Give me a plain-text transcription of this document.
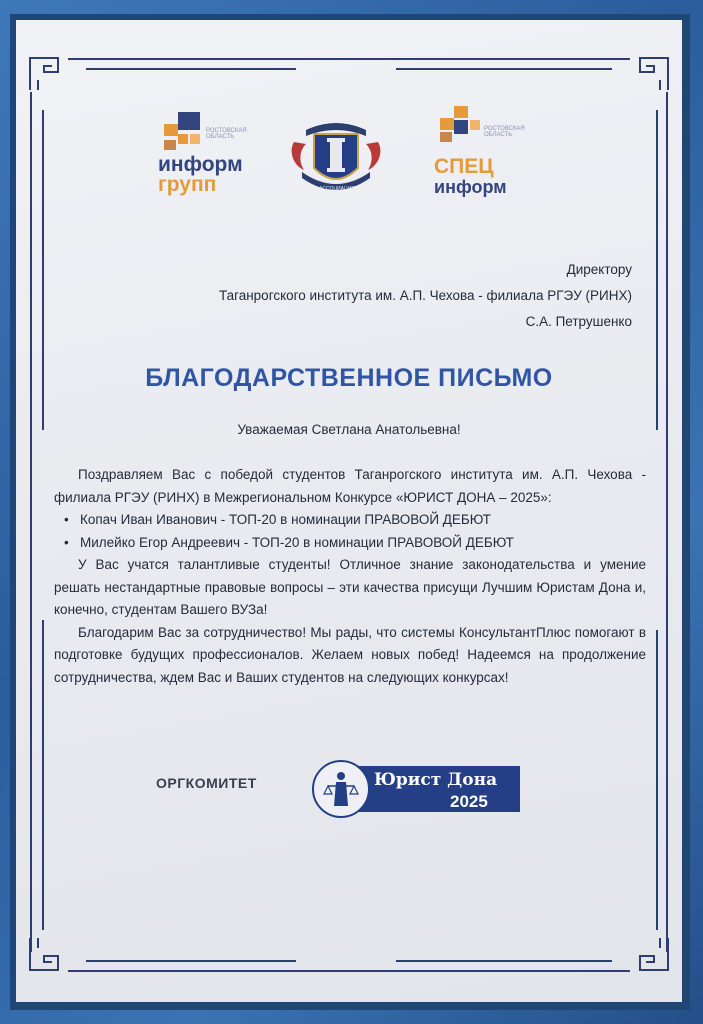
РОСТОВСКАЯ ОБЛАСТЬ
информ
групп	АССОЦИАЦИЯ
РОСТОВСКАЯ ОБЛАСТЬ
СПЕЦ
информ
Директору
Таганрогского института им. А.П. Чехова - филиала РГЭУ (РИНХ)
С.А. Петрушенко
БЛАГОДАРСТВЕННОЕ ПИСЬМО
Уважаемая Светлана Анатольевна!

Поздравляем Вас с победой студентов Таганрогского института им. А.П. Чехова - филиала РГЭУ (РИНХ) в Межрегиональном Конкурсе «ЮРИСТ ДОНА – 2025»:

• Копач Иван Иванович - ТОП-20 в номинации ПРАВОВОЙ ДЕБЮТ

• Милейко Егор Андреевич - ТОП-20 в номинации ПРАВОВОЙ ДЕБЮТ

У Вас учатся талантливые студенты! Отличное знание законодательства и умение решать нестандартные правовые вопросы – эти качества присущи Лучшим Юристам Дона и, конечно, студентам Вашего ВУЗа!

Благодарим Вас за сотрудничество! Мы рады, что системы КонсультантПлюс помогают в подготовке будущих профессионалов. Желаем новых побед! Надеемся на продолжение сотрудничества, ждем Вас и Ваших студентов на следующих конкурсах!

ОРГКОМИТЕТ	Юрист Дона
2025
